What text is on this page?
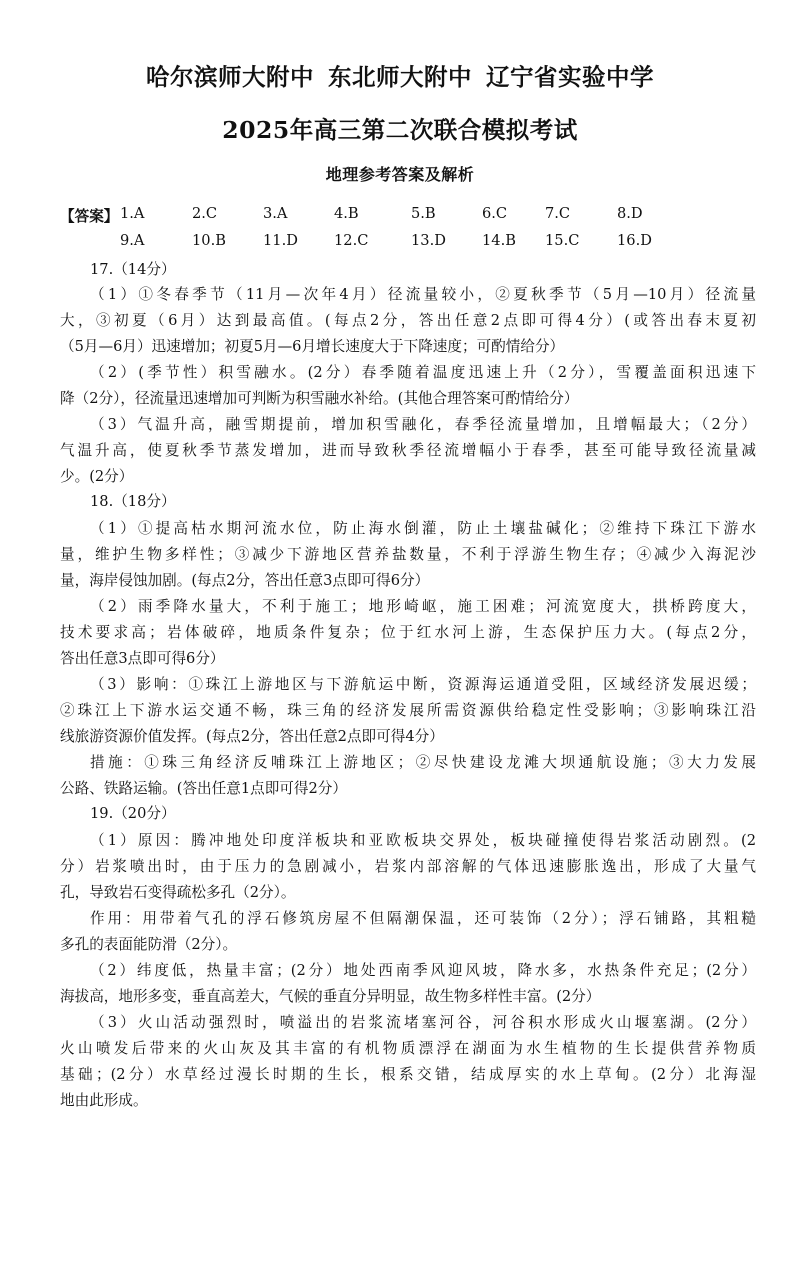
哈尔滨师大附中 东北师大附中 辽宁省实验中学
2025年高三第二次联合模拟考试
地理参考答案及解析
【答案】 1.A	2.C	3.A	4.B	5.B	6.C	7.C	8.D
9.A	10.B	11.D 12.C	13.D 14.B 15.C	16.D
17.（14分）
（1）①冬春季节（11月—次年4月）径流量较小，②夏秋季节（5月—10月）径流量
大，③初夏（6月）达到最高值。(每点2分，答出任意2点即可得4分）(或答出春末夏初
（5月—6月）迅速增加；初夏5月—6月增长速度大于下降速度；可酌情给分）
（2）(季节性）积雪融水。(2分）春季随着温度迅速上升（2分），雪覆盖面积迅速下
降（2分），径流量迅速增加可判断为积雪融水补给。(其他合理答案可酌情给分）
（3）气温升高，融雪期提前，增加积雪融化，春季径流量增加，且增幅最大；（2分）
气温升高，使夏秋季节蒸发增加，进而导致秋季径流增幅小于春季，甚至可能导致径流量减
少。(2分）
18.（18分）
（1）①提高枯水期河流水位，防止海水倒灌，防止土壤盐碱化；②维持下珠江下游水
量，维护生物多样性；③减少下游地区营养盐数量，不利于浮游生物生存；④减少入海泥沙
量，海岸侵蚀加剧。(每点2分，答出任意3点即可得6分）
（2）雨季降水量大，不利于施工；地形崎岖，施工困难；河流宽度大，拱桥跨度大，
技术要求高；岩体破碎，地质条件复杂；位于红水河上游，生态保护压力大。(每点2分，
答出任意3点即可得6分）
（3）影响：①珠江上游地区与下游航运中断，资源海运通道受阻，区域经济发展迟缓；
②珠江上下游水运交通不畅，珠三角的经济发展所需资源供给稳定性受影响；③影响珠江沿
线旅游资源价值发挥。(每点2分，答出任意2点即可得4分）
措施：①珠三角经济反哺珠江上游地区；②尽快建设龙滩大坝通航设施；③大力发展
公路、铁路运输。(答出任意1点即可得2分）
19.（20分）
（1）原因：腾冲地处印度洋板块和亚欧板块交界处，板块碰撞使得岩浆活动剧烈。(2
分）岩浆喷出时，由于压力的急剧减小，岩浆内部溶解的气体迅速膨胀逸出，形成了大量气
孔，导致岩石变得疏松多孔（2分）。
作用：用带着气孔的浮石修筑房屋不但隔潮保温，还可装饰（2分）；浮石铺路，其粗糙
多孔的表面能防滑（2分）。
（2）纬度低，热量丰富；(2分）地处西南季风迎风坡，降水多，水热条件充足；(2分）
海拔高，地形多变，垂直高差大，气候的垂直分异明显，故生物多样性丰富。(2分）
（3）火山活动强烈时，喷溢出的岩浆流堵塞河谷，河谷积水形成火山堰塞湖。(2分）
火山喷发后带来的火山灰及其丰富的有机物质漂浮在湖面为水生植物的生长提供营养物质
基础；(2分）水草经过漫长时期的生长，根系交错，结成厚实的水上草甸。(2分）北海湿
地由此形成。
